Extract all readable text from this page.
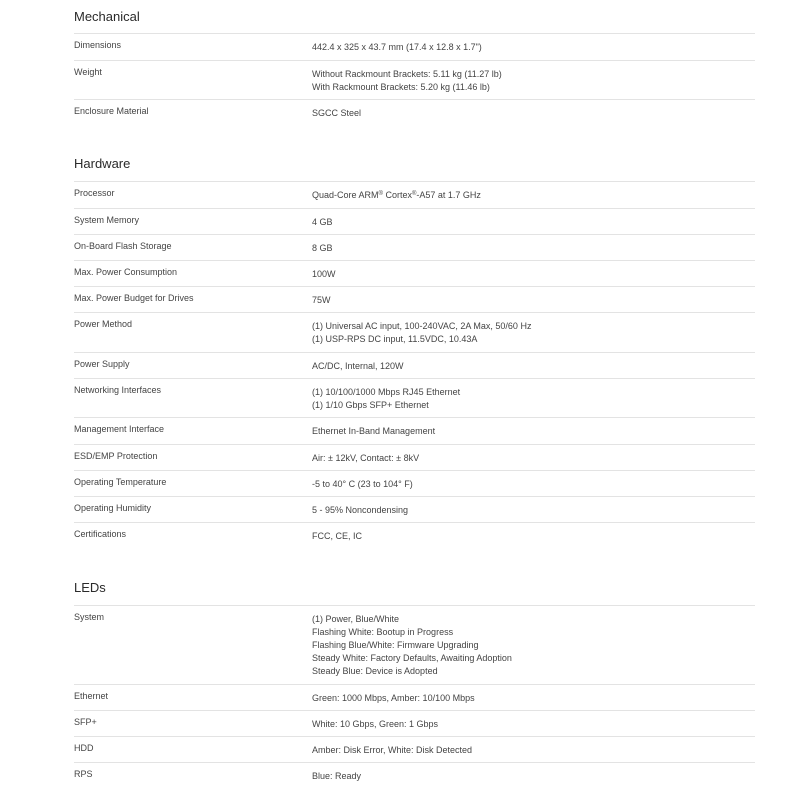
Mechanical
Dimensions	442.4 x 325 x 43.7 mm (17.4 x 12.8 x 1.7")
Weight	Without Rackmount Brackets: 5.11 kg (11.27 lb)
With Rackmount Brackets: 5.20 kg (11.46 lb)
Enclosure Material	SGCC Steel
Hardware
Processor	Quad-Core ARM® Cortex®-A57 at 1.7 GHz
System Memory	4 GB
On-Board Flash Storage	8 GB
Max. Power Consumption	100W
Max. Power Budget for Drives	75W
Power Method	(1) Universal AC input, 100-240VAC, 2A Max, 50/60 Hz
(1) USP-RPS DC input, 11.5VDC, 10.43A
Power Supply	AC/DC, Internal, 120W
Networking Interfaces	(1) 10/100/1000 Mbps RJ45 Ethernet
(1) 1/10 Gbps SFP+ Ethernet
Management Interface	Ethernet In-Band Management
ESD/EMP Protection	Air: ± 12kV, Contact: ± 8kV
Operating Temperature	-5 to 40° C (23 to 104° F)
Operating Humidity	5 - 95% Noncondensing
Certifications	FCC, CE, IC
LEDs
System	(1) Power, Blue/White
Flashing White: Bootup in Progress
Flashing Blue/White: Firmware Upgrading
Steady White: Factory Defaults, Awaiting Adoption
Steady Blue: Device is Adopted
Ethernet	Green: 1000 Mbps, Amber: 10/100 Mbps
SFP+	White: 10 Gbps, Green: 1 Gbps
HDD	Amber: Disk Error, White: Disk Detected
RPS	Blue: Ready
